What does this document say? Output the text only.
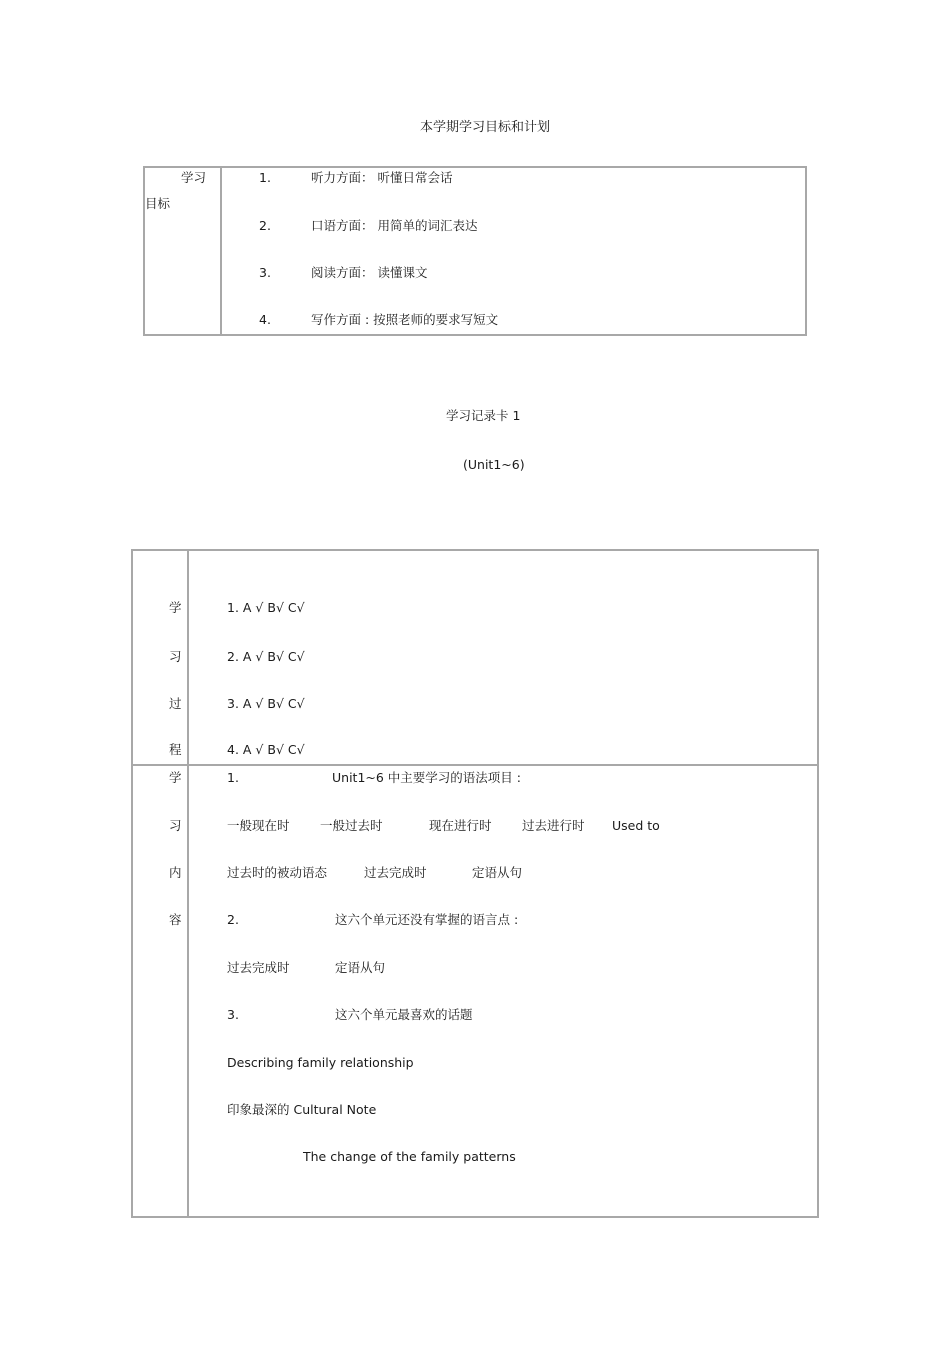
本学期学习目标和计划
学习
目标
1.	听力方面： 听懂日常会话
2.	口语方面： 用简单的词汇表达
3.	阅读方面： 读懂课文
4.	写作方面 : 按照老师的要求写短文
学习记录卡 1
(Unit1~6)
学
习
过
程
1. A √ B√ C√
2. A √ B√ C√
3. A √ B√ C√
4. A √ B√ C√
学
习
内
容
1.	Unit1~6 中主要学习的语法项目 :
一般现在时 一般过去时	现在进行时 过去进行时 Used to
过去时的被动语态	过去完成时	定语从句
2.	这六个单元还没有掌握的语言点 :
过去完成时	定语从句
3.	这六个单元最喜欢的话题
Describing family relationship
印象最深的 Cultural Note
The change of the family patterns
